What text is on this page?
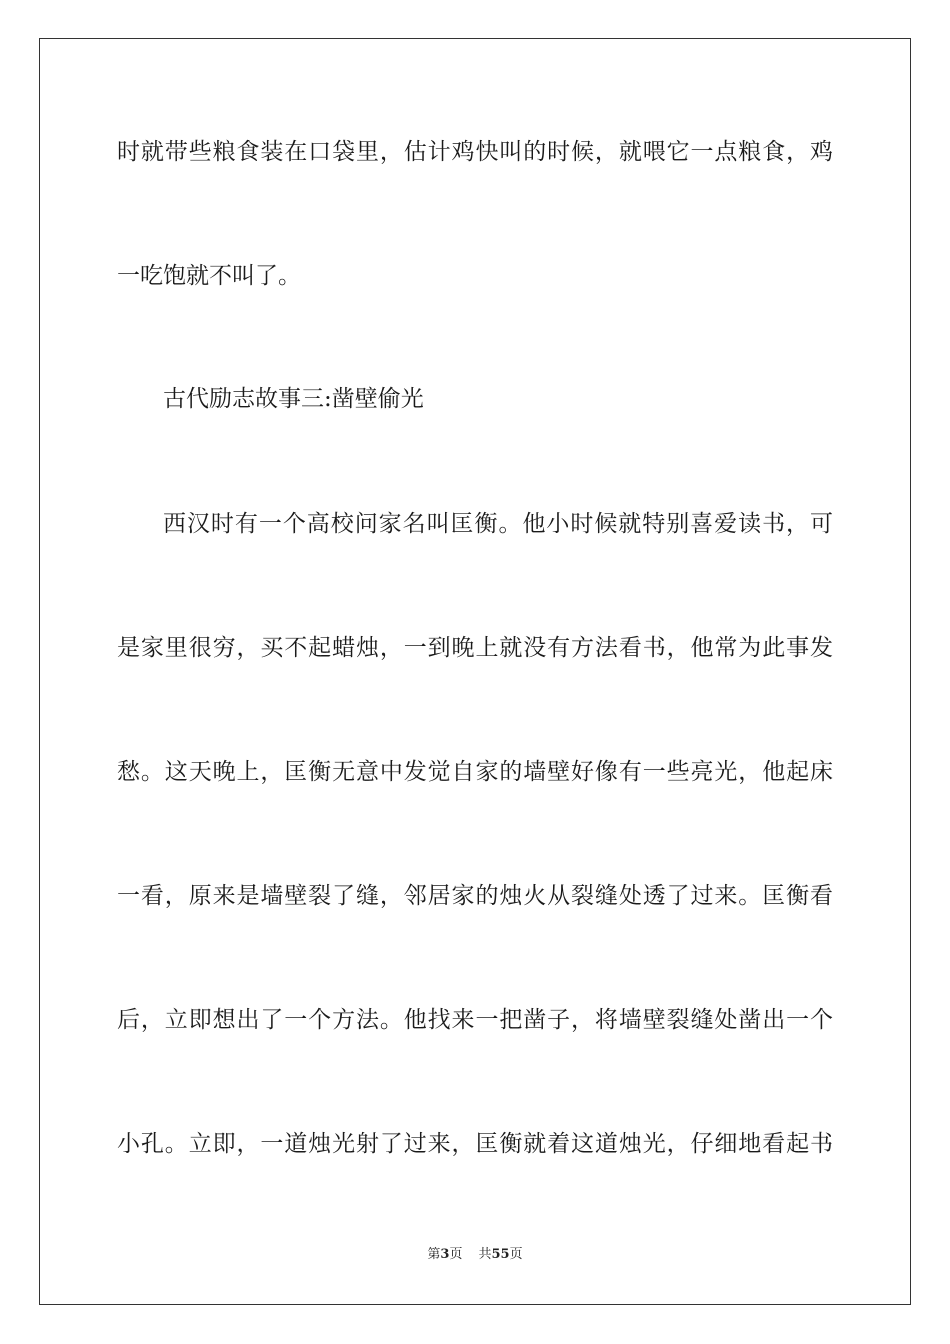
时就带些粮食装在口袋里，估计鸡快叫的时候，就喂它一点粮食，鸡
一吃饱就不叫了。
古代励志故事三:凿壁偷光
西汉时有一个高校问家名叫匡衡。他小时候就特别喜爱读书，可
是家里很穷，买不起蜡烛，一到晚上就没有方法看书，他常为此事发
愁。这天晚上，匡衡无意中发觉自家的墙壁好像有一些亮光，他起床
一看，原来是墙壁裂了缝，邻居家的烛火从裂缝处透了过来。匡衡看
后，立即想出了一个方法。他找来一把凿子，将墙壁裂缝处凿出一个
小孔。立即，一道烛光射了过来，匡衡就着这道烛光，仔细地看起书
第3页 共55页
